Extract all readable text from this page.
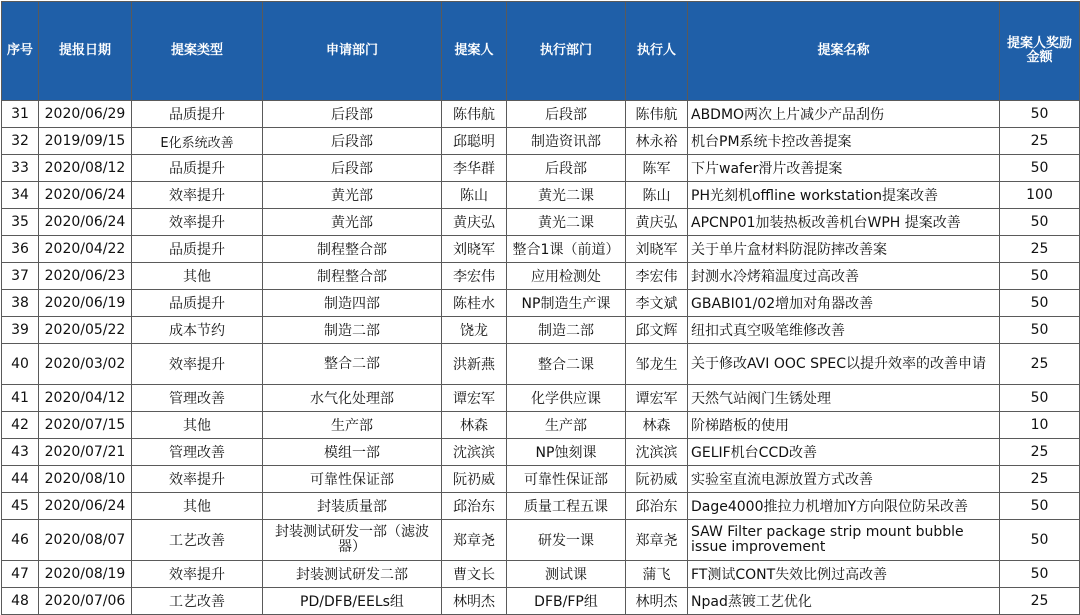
序号	提报日期	提案类型	申请部门	提案人	执行部门	执行人	提案名称	提案人奖励金额	
31	2020/06/29	品质提升	后段部	陈伟航	后段部	陈伟航	ABDMO两次上片减少产品刮伤	50	
32	2019/09/15	E化系统改善	后段部	邱聪明	制造资讯部	林永裕	机台PM系统卡控改善提案	25	
33	2020/08/12	品质提升	后段部	李华群	后段部	陈军	下片wafer滑片改善提案	50	
34	2020/06/24	效率提升	黄光部	陈山	黄光二课	陈山	PH光刻机offline workstation提案改善	100	
35	2020/06/24	效率提升	黄光部	黄庆弘	黄光二课	黄庆弘	APCNP01加装热板改善机台WPH 提案改善	50	
36	2020/04/22	品质提升	制程整合部	刘晓军	整合1课（前道）	刘晓军	关于单片盒材料防混防摔改善案	25	
37	2020/06/23	其他	制程整合部	李宏伟	应用检测处	李宏伟	封测水冷烤箱温度过高改善	50	
38	2020/06/19	品质提升	制造四部	陈桂水	NP制造生产课	李文斌	GBABI01/02增加对角器改善	50	
39	2020/05/22	成本节约	制造二部	饶龙	制造二部	邱文辉	纽扣式真空吸笔维修改善	50	
40	2020/03/02	效率提升	整合二部	洪新燕	整合二课	邹龙生	关于修改AVI OOC SPEC以提升效率的改善申请	25	
41	2020/04/12	管理改善	水气化处理部	谭宏军	化学供应课	谭宏军	天然气站阀门生锈处理	50	
42	2020/07/15	其他	生产部	林森	生产部	林森	阶梯踏板的使用	10	
43	2020/07/21	管理改善	模组一部	沈滨滨	NP蚀刻课	沈滨滨	GELIF机台CCD改善	25	
44	2020/08/10	效率提升	可靠性保证部	阮礽威	可靠性保证部	阮礽威	实验室直流电源放置方式改善	25	
45	2020/06/24	其他	封装质量部	邱治东	质量工程五课	邱治东	Dage4000推拉力机增加Y方向限位防呆改善	50	
46	2020/08/07	工艺改善	封装测试研发一部（滤波器）	郑章尧	研发一课	郑章尧	SAW Filter package strip mount bubble issue improvement	50	
47	2020/08/19	效率提升	封装测试研发二部	曹文长	测试课	蒲飞	FT测试CONT失效比例过高改善	50	
48	2020/07/06	工艺改善	PD/DFB/EELs组	林明杰	DFB/FP组	林明杰	Npad蒸镀工艺优化	25	
